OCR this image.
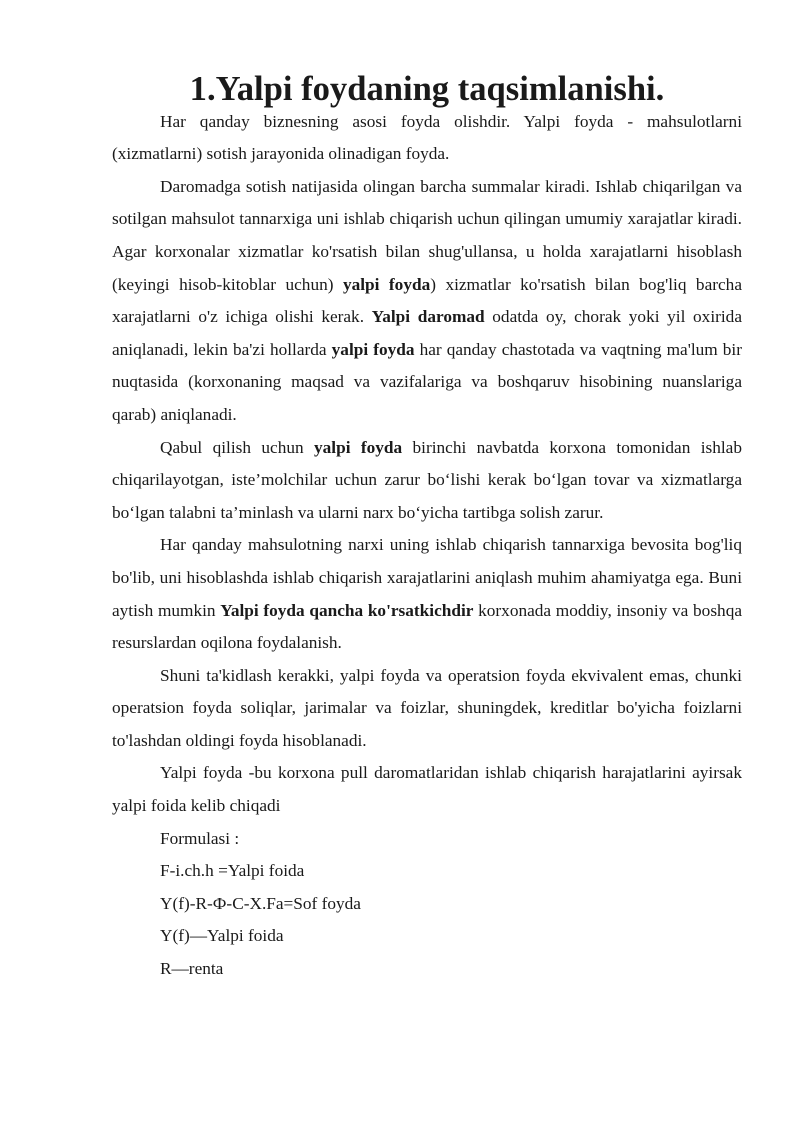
1.Yalpi foydaning taqsimlanishi.

Har qanday biznesning asosi foyda olishdir. Yalpi foyda - mahsulotlarni (xizmatlarni) sotish jarayonida olinadigan foyda.

Daromadga sotish natijasida olingan barcha summalar kiradi. Ishlab chiqarilgan va sotilgan mahsulot tannarxiga uni ishlab chiqarish uchun qilingan umumiy xarajatlar kiradi. Agar korxonalar xizmatlar ko'rsatish bilan shug'ullansa, u holda xarajatlarni hisoblash (keyingi hisob-kitoblar uchun) yalpi foyda) xizmatlar ko'rsatish bilan bog'liq barcha xarajatlarni o'z ichiga olishi kerak. Yalpi daromad odatda oy, chorak yoki yil oxirida aniqlanadi, lekin ba'zi hollarda yalpi foyda har qanday chastotada va vaqtning ma'lum bir nuqtasida (korxonaning maqsad va vazifalariga va boshqaruv hisobining nuanslariga qarab) aniqlanadi.

Qabul qilish uchun yalpi foyda birinchi navbatda korxona tomonidan ishlab chiqarilayotgan, iste’molchilar uchun zarur bo‘lishi kerak bo‘lgan tovar va xizmatlarga bo‘lgan talabni ta’minlash va ularni narx bo‘yicha tartibga solish zarur.

Har qanday mahsulotning narxi uning ishlab chiqarish tannarxiga bevosita bog'liq bo'lib, uni hisoblashda ishlab chiqarish xarajatlarini aniqlash muhim ahamiyatga ega. Buni aytish mumkin Yalpi foyda qancha ko'rsatkichdir korxonada moddiy, insoniy va boshqa resurslardan oqilona foydalanish.

Shuni ta'kidlash kerakki, yalpi foyda va operatsion foyda ekvivalent emas, chunki operatsion foyda soliqlar, jarimalar va foizlar, shuningdek, kreditlar bo'yicha foizlarni to'lashdan oldingi foyda hisoblanadi.

Yalpi foyda -bu korxona pull daromatlaridan ishlab chiqarish harajatlarini ayirsak yalpi foida kelib chiqadi

Formulasi :

F-i.ch.h =Yalpi foida

Y(f)-R-Ф-C-X.Fa=Sof foyda

Y(f)—Yalpi foida

R—renta
